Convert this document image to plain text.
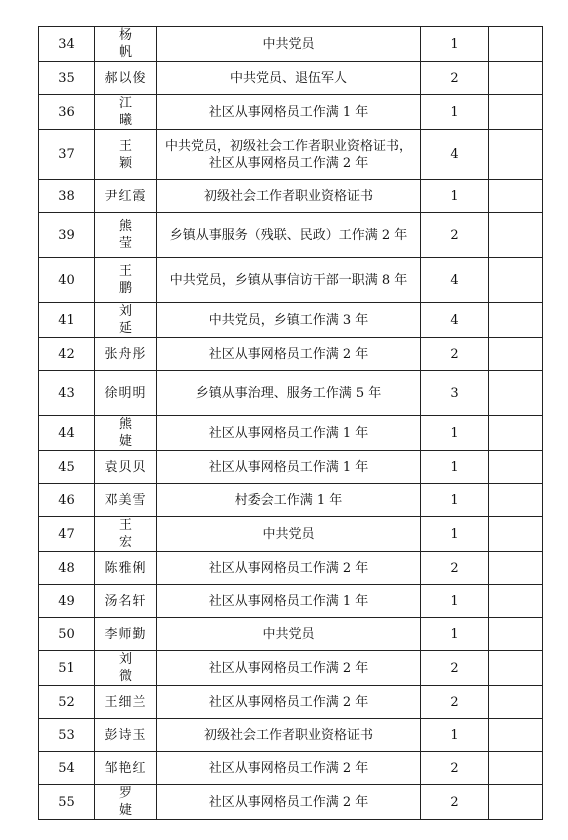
34	杨帆	中共党员	1	
35	郝以俊	中共党员、退伍军人	2	
36	江曦	社区从事网格员工作满 1 年	1	
37	王颖	中共党员，初级社会工作者职业资格证书，社区从事网格员工作满 2 年	4	
38	尹红霞	初级社会工作者职业资格证书	1	
39	熊莹	乡镇从事服务（残联、民政）工作满 2 年	2	
40	王鹏	中共党员，乡镇从事信访干部一职满 8 年	4	
41	刘延	中共党员，乡镇工作满 3 年	4	
42	张舟彤	社区从事网格员工作满 2 年	2	
43	徐明明	乡镇从事治理、服务工作满 5 年	3	
44	熊婕	社区从事网格员工作满 1 年	1	
45	袁贝贝	社区从事网格员工作满 1 年	1	
46	邓美雪	村委会工作满 1 年	1	
47	王宏	中共党员	1	
48	陈雅俐	社区从事网格员工作满 2 年	2	
49	汤名轩	社区从事网格员工作满 1 年	1	
50	李师勤	中共党员	1	
51	刘微	社区从事网格员工作满 2 年	2	
52	王细兰	社区从事网格员工作满 2 年	2	
53	彭诗玉	初级社会工作者职业资格证书	1	
54	邹艳红	社区从事网格员工作满 2 年	2	
55	罗婕	社区从事网格员工作满 2 年	2	
